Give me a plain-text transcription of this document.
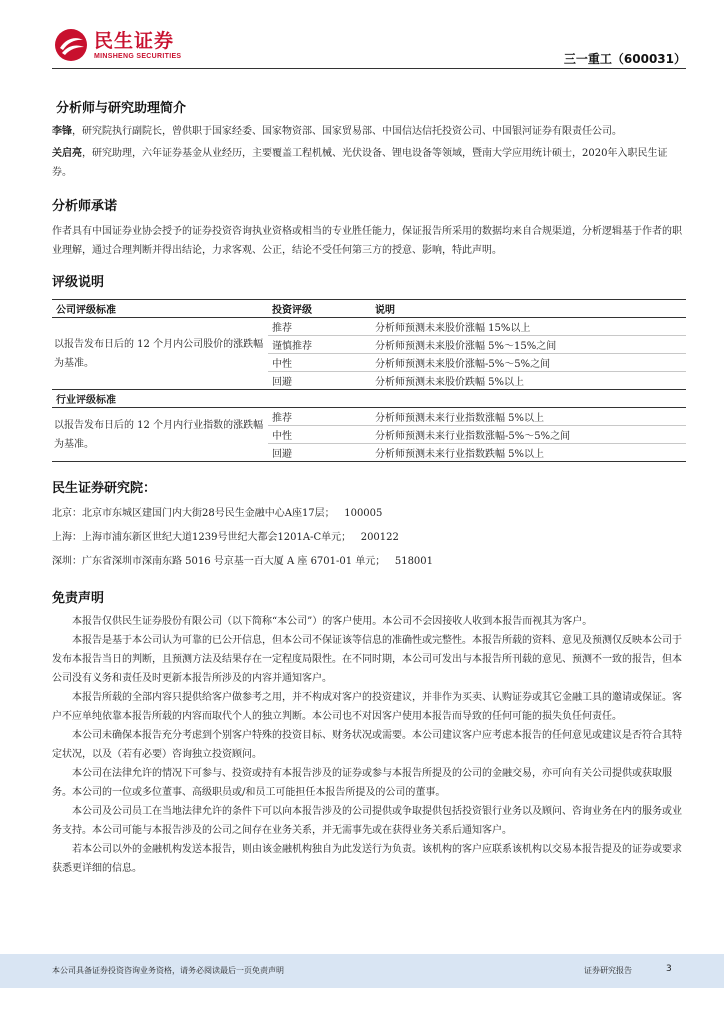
民生证券
MINSHENG SECURITIES	三一重工（600031）
分析师与研究助理简介

李锋，研究院执行副院长，曾供职于国家经委、国家物资部、国家贸易部、中国信达信托投资公司、中国银河证券有限责任公司。

关启亮，研究助理，六年证券基金从业经历，主要覆盖工程机械、光伏设备、锂电设备等领域，暨南大学应用统计硕士，2020年入职民生证券。

分析师承诺

作者具有中国证券业协会授予的证券投资咨询执业资格或相当的专业胜任能力，保证报告所采用的数据均来自合规渠道，分析逻辑基于作者的职业理解，通过合理判断并得出结论，力求客观、公正，结论不受任何第三方的授意、影响，特此声明。

评级说明
公司评级标准	投资评级	说明
以报告发布日后的 12 个月内公司股价的涨跌幅为基准。	推荐	分析师预测未来股价涨幅 15%以上
	谨慎推荐	分析师预测未来股价涨幅 5%～15%之间
	中性	分析师预测未来股价涨幅-5%～5%之间
	回避	分析师预测未来股价跌幅 5%以上
行业评级标准		
以报告发布日后的 12 个月内行业指数的涨跌幅为基准。	推荐	分析师预测未来行业指数涨幅 5%以上
	中性	分析师预测未来行业指数涨幅-5%～5%之间
	回避	分析师预测未来行业指数跌幅 5%以上
民生证券研究院：

北京：北京市东城区建国门内大街28号民生金融中心A座17层； 100005

上海：上海市浦东新区世纪大道1239号世纪大都会1201A-C单元； 200122

深圳：广东省深圳市深南东路 5016 号京基一百大厦 A 座 6701-01 单元； 518001

免责声明

本报告仅供民生证券股份有限公司（以下简称“本公司”）的客户使用。本公司不会因接收人收到本报告而视其为客户。

本报告是基于本公司认为可靠的已公开信息，但本公司不保证该等信息的准确性或完整性。本报告所载的资料、意见及预测仅反映本公司于发布本报告当日的判断，且预测方法及结果存在一定程度局限性。在不同时期，本公司可发出与本报告所刊载的意见、预测不一致的报告，但本公司没有义务和责任及时更新本报告所涉及的内容并通知客户。

本报告所载的全部内容只提供给客户做参考之用，并不构成对客户的投资建议，并非作为买卖、认购证券或其它金融工具的邀请或保证。客户不应单纯依靠本报告所载的内容而取代个人的独立判断。本公司也不对因客户使用本报告而导致的任何可能的损失负任何责任。

本公司未确保本报告充分考虑到个别客户特殊的投资目标、财务状况或需要。本公司建议客户应考虑本报告的任何意见或建议是否符合其特定状况，以及（若有必要）咨询独立投资顾问。

本公司在法律允许的情况下可参与、投资或持有本报告涉及的证券或参与本报告所提及的公司的金融交易，亦可向有关公司提供或获取服务。本公司的一位或多位董事、高级职员或/和员工可能担任本报告所提及的公司的董事。

本公司及公司员工在当地法律允许的条件下可以向本报告涉及的公司提供或争取提供包括投资银行业务以及顾问、咨询业务在内的服务或业务支持。本公司可能与本报告涉及的公司之间存在业务关系，并无需事先或在获得业务关系后通知客户。

若本公司以外的金融机构发送本报告，则由该金融机构独自为此发送行为负责。该机构的客户应联系该机构以交易本报告提及的证券或要求获悉更详细的信息。

本公司具备证券投资咨询业务资格，请务必阅读最后一页免责声明	证券研究报告	3
